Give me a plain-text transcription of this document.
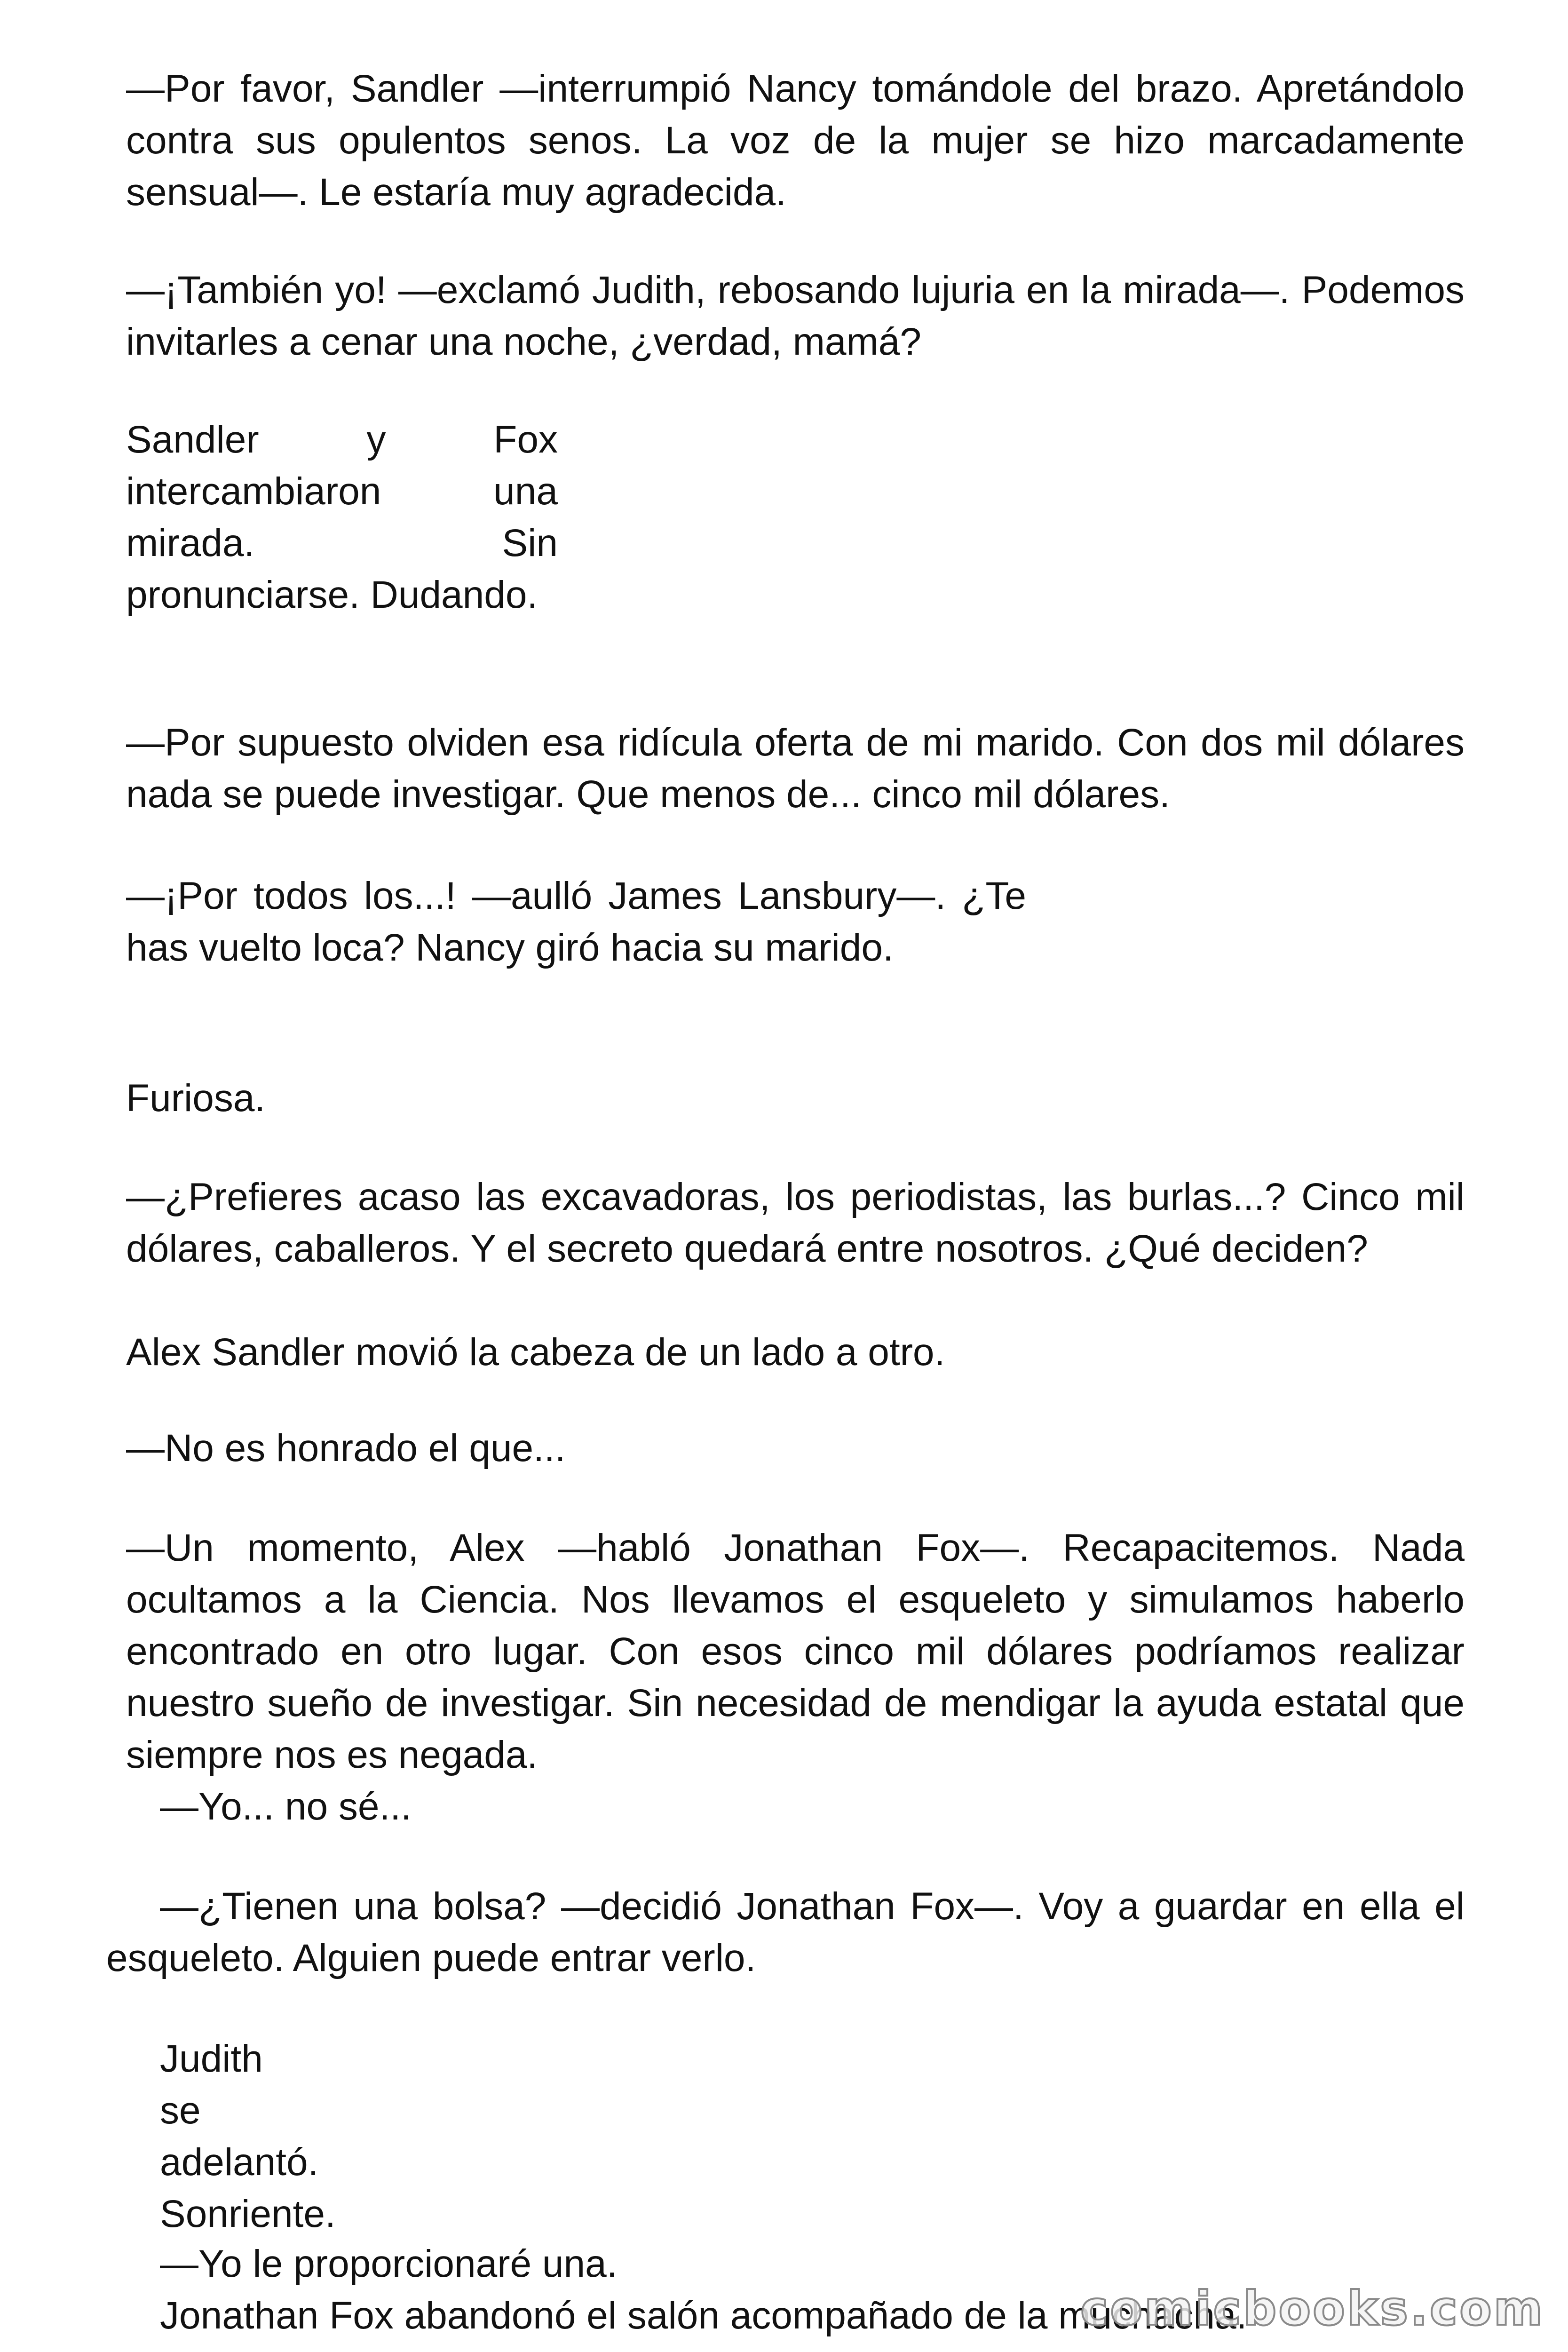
—Por favor, Sandler —interrumpió Nancy tomándole del brazo. Apretándolo contra sus opulentos senos. La voz de la mujer se hizo marcadamente sensual—. Le estaría muy agradecida.

—¡También yo! —exclamó Judith, rebosando lujuria en la mirada—. Podemos invitarles a cenar una noche, ¿verdad, mamá?

Sandler y Fox intercambiaron una mirada. Sin pronunciarse. Dudando.

—Por supuesto olviden esa ridícula oferta de mi marido. Con dos mil dólares nada se puede investigar. Que menos de... cinco mil dólares.

—¡Por todos los...! —aulló James Lansbury—. ¿Te has vuelto loca? Nancy giró hacia su marido.

Furiosa.

—¿Prefieres acaso las excavadoras, los periodistas, las burlas...? Cinco mil dólares, caballeros. Y el secreto quedará entre nosotros. ¿Qué deciden?

Alex Sandler movió la cabeza de un lado a otro.

—No es honrado el que...

—Un momento, Alex —habló Jonathan Fox—. Recapacitemos. Nada ocultamos a la Ciencia. Nos llevamos el esqueleto y simulamos haberlo encontrado en otro lugar. Con esos cinco mil dólares podríamos realizar nuestro sueño de investigar. Sin necesidad de mendigar la ayuda estatal que siempre nos es negada.

—Yo... no sé...

—¿Tienen una bolsa? —decidió Jonathan Fox—. Voy a guardar en ella el esqueleto. Alguien puede entrar verlo.

Judith se adelantó. Sonriente.

—Yo le proporcionaré una.

Jonathan Fox abandonó el salón acompañado de la muchacha.

comicbooks.com
